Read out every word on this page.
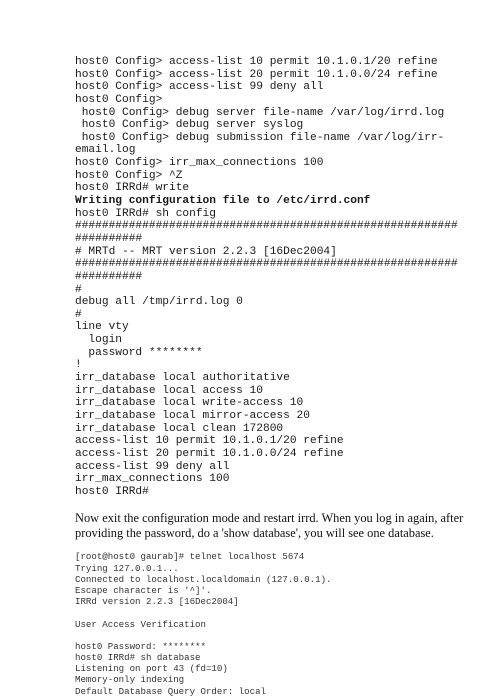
host0 Config> access-list 10 permit 10.1.0.1/20 refine
host0 Config> access-list 20 permit 10.1.0.0/24 refine
host0 Config> access-list 99 deny all
host0 Config>
host0 Config> debug server file-name /var/log/irrd.log
host0 Config> debug server syslog
host0 Config> debug submission file-name /var/log/irr-
email.log
host0 Config> irr_max_connections 100
host0 Config> ^Z
host0 IRRd# write
Writing configuration file to /etc/irrd.conf
host0 IRRd# sh config
#########################################################
##########
# MRTd -- MRT version 2.2.3 [16Dec2004]
#########################################################
##########
#
debug all /tmp/irrd.log 0
#
line vty
login
password ********
!
irr_database local authoritative
irr_database local access 10
irr_database local write-access 10
irr_database local mirror-access 20
irr_database local clean 172800
access-list 10 permit 10.1.0.1/20 refine
access-list 20 permit 10.1.0.0/24 refine
access-list 99 deny all
irr_max_connections 100
host0 IRRd#

Now exit the configuration mode and restart irrd. When you log in again, after providing the password, do a 'show database', you will see one database.

[root@host0 gaurab]# telnet localhost 5674
Trying 127.0.0.1...
Connected to localhost.localdomain (127.0.0.1).
Escape character is '^]'.
IRRd version 2.2.3 [16Dec2004]
User Access Verification
host0 Password: ********
host0 IRRd# sh database
Listening on port 43 (fd=10)
Memory-only indexing
Default Database Query Order: local
